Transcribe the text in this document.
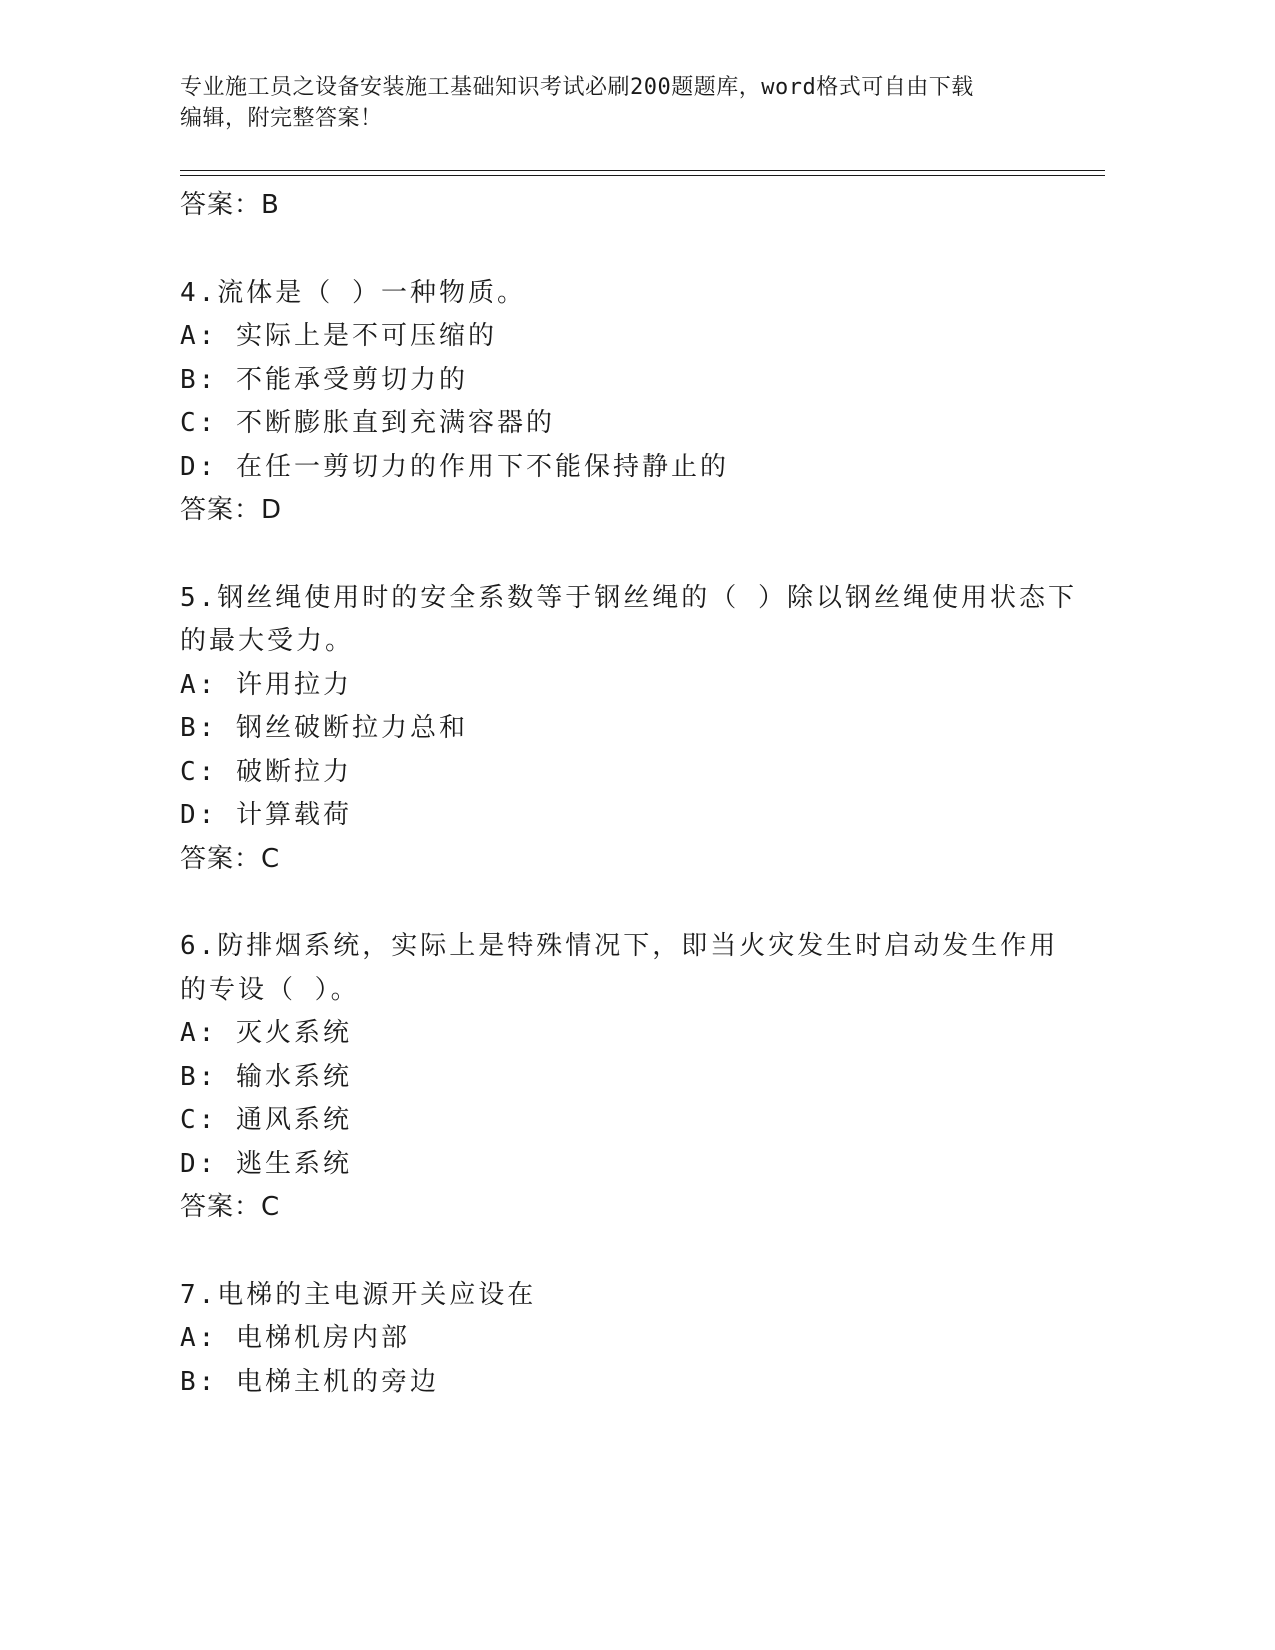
专业施工员之设备安装施工基础知识考试必刷200题题库，word格式可自由下载
编辑，附完整答案！
答案：B
4.流体是（ ）一种物质。
A: 实际上是不可压缩的
B: 不能承受剪切力的
C: 不断膨胀直到充满容器的
D: 在任一剪切力的作用下不能保持静止的
答案：D
5.钢丝绳使用时的安全系数等于钢丝绳的（ ）除以钢丝绳使用状态下
的最大受力。
A: 许用拉力
B: 钢丝破断拉力总和
C: 破断拉力
D: 计算载荷
答案：C
6.防排烟系统，实际上是特殊情况下，即当火灾发生时启动发生作用
的专设（ ）。
A: 灭火系统
B: 输水系统
C: 通风系统
D: 逃生系统
答案：C
7.电梯的主电源开关应设在
A: 电梯机房内部
B: 电梯主机的旁边
